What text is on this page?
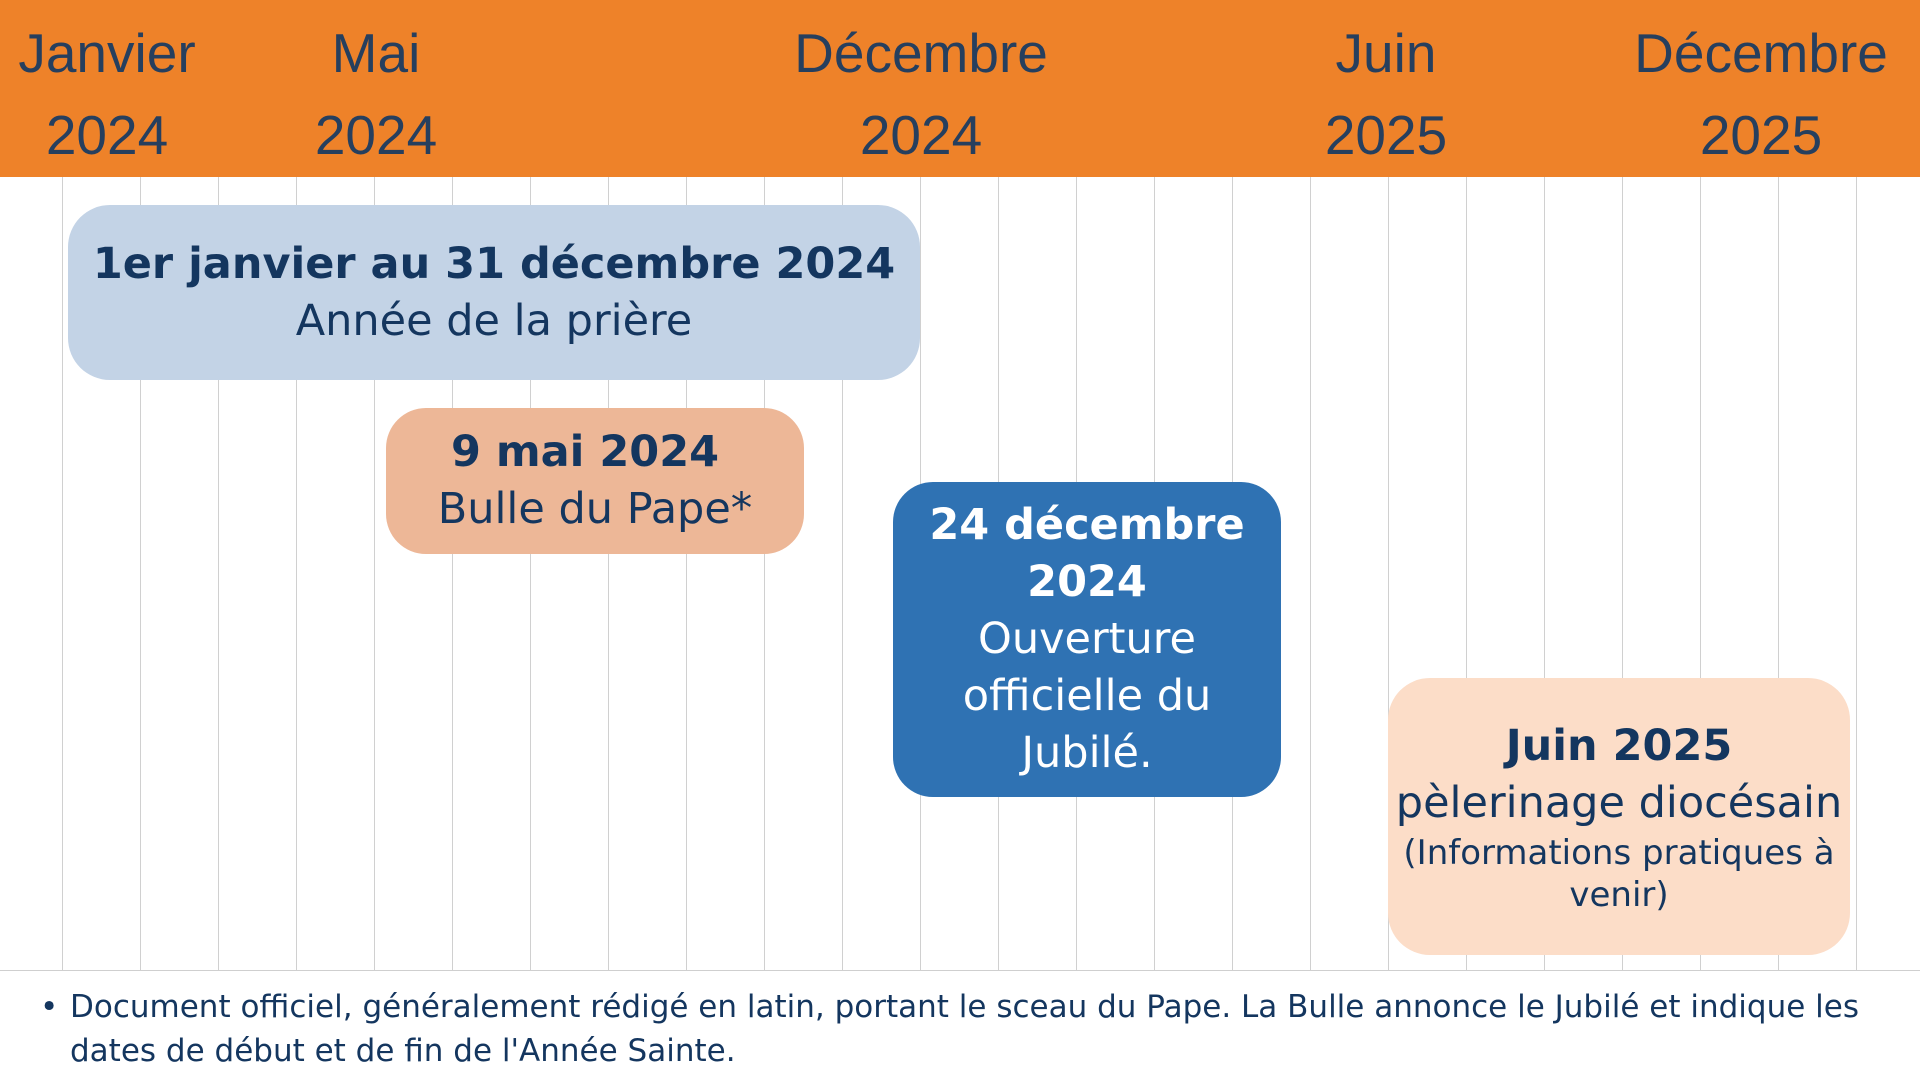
Janvier
2024
Mai
2024
Décembre
2024
Juin
2025
Décembre
2025
1er janvier au 31 décembre 2024
Année de la prière
9 mai 2024
Bulle du Pape*	24 décembre 2024
Ouverture officielle du Jubilé.	Juin 2025
pèlerinage diocésain
(Informations pratiques à venir)
• Document officiel, généralement rédigé en latin, portant le sceau du Pape. La Bulle annonce le Jubilé et indique les dates de début et de fin de l'Année Sainte.
